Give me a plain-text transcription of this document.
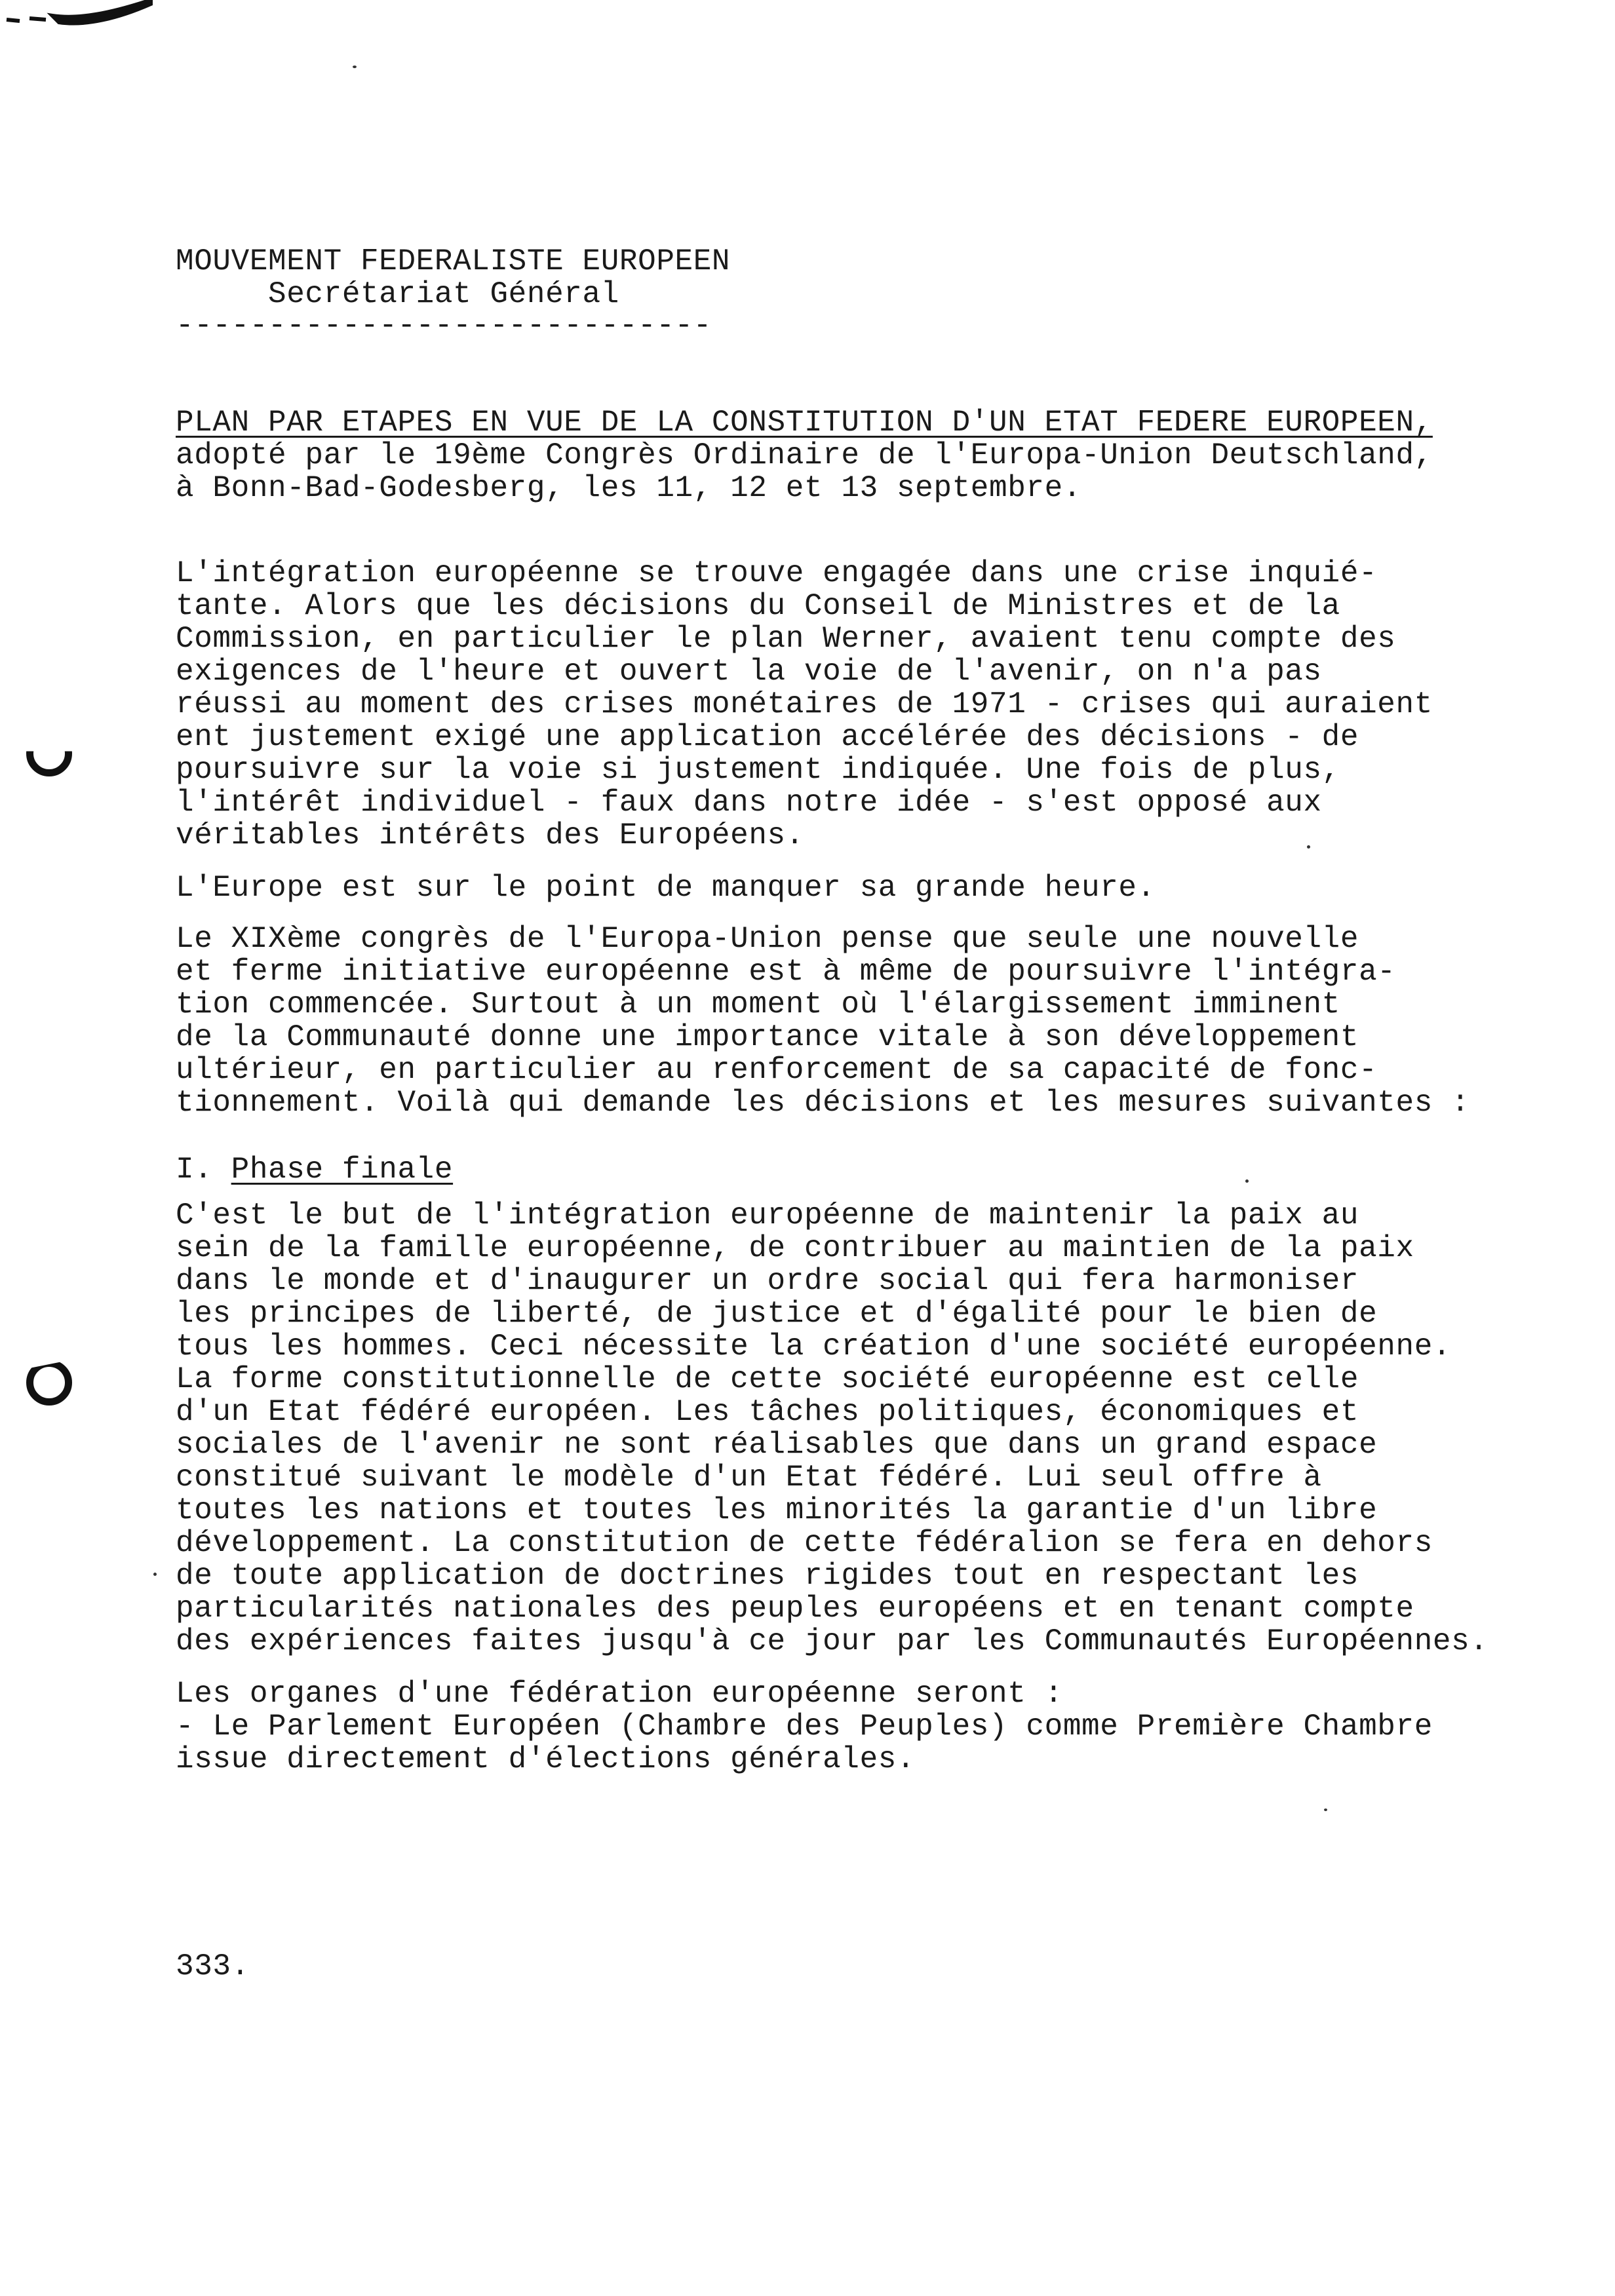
MOUVEMENT FEDERALISTE EUROPEEN
Secrétariat Général
-----------------------------
PLAN PAR ETAPES EN VUE DE LA CONSTITUTION D'UN ETAT FEDERE EUROPEEN,
adopté par le 19ème Congrès Ordinaire de l'Europa-Union Deutschland,
à Bonn-Bad-Godesberg, les 11, 12 et 13 septembre.
L'intégration européenne se trouve engagée dans une crise inquié-
tante. Alors que les décisions du Conseil de Ministres et de la
Commission, en particulier le plan Werner, avaient tenu compte des
exigences de l'heure et ouvert la voie de l'avenir, on n'a pas
réussi au moment des crises monétaires de 1971 - crises qui auraient
ent justement exigé une application accélérée des décisions - de
poursuivre sur la voie si justement indiquée. Une fois de plus,
l'intérêt individuel - faux dans notre idée - s'est opposé aux
véritables intérêts des Européens.
L'Europe est sur le point de manquer sa grande heure.
Le XIXème congrès de l'Europa-Union pense que seule une nouvelle
et ferme initiative européenne est à même de poursuivre l'intégra-
tion commencée. Surtout à un moment où l'élargissement imminent
de la Communauté donne une importance vitale à son développement
ultérieur, en particulier au renforcement de sa capacité de fonc-
tionnement. Voilà qui demande les décisions et les mesures suivantes :
I. Phase finale
C'est le but de l'intégration européenne de maintenir la paix au
sein de la famille européenne, de contribuer au maintien de la paix
dans le monde et d'inaugurer un ordre social qui fera harmoniser
les principes de liberté, de justice et d'égalité pour le bien de
tous les hommes. Ceci nécessite la création d'une société européenne.
La forme constitutionnelle de cette société européenne est celle
d'un Etat fédéré européen. Les tâches politiques, économiques et
sociales de l'avenir ne sont réalisables que dans un grand espace
constitué suivant le modèle d'un Etat fédéré. Lui seul offre à
toutes les nations et toutes les minorités la garantie d'un libre
développement. La constitution de cette fédéralion se fera en dehors
de toute application de doctrines rigides tout en respectant les
particularités nationales des peuples européens et en tenant compte
des expériences faites jusqu'à ce jour par les Communautés Européennes.
Les organes d'une fédération européenne seront :
- Le Parlement Européen (Chambre des Peuples) comme Première Chambre
issue directement d'élections générales.
333.
